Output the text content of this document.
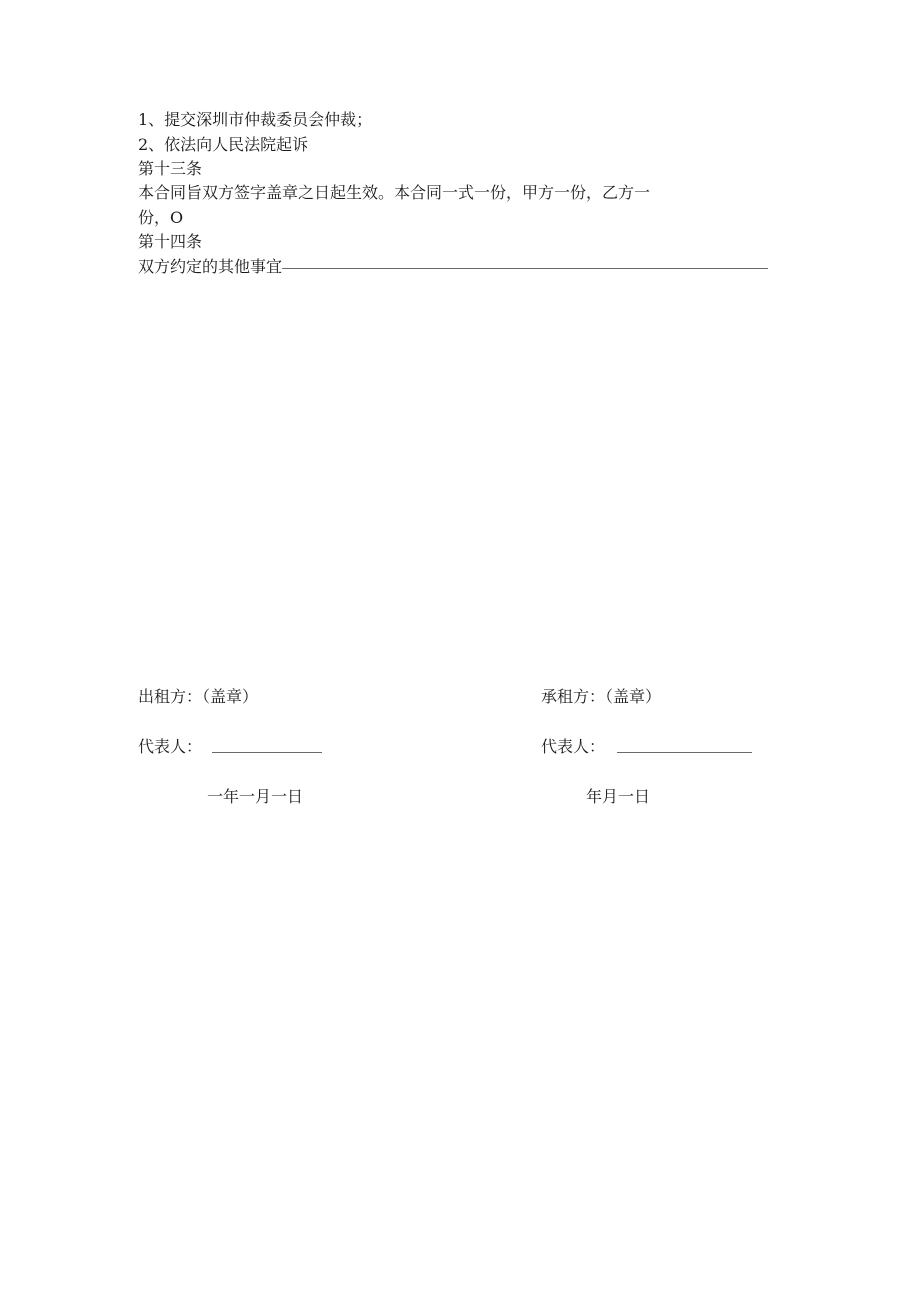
1、提交深圳市仲裁委员会仲裁；
2、依法向人民法院起诉
第十三条
本合同旨双方签字盖章之日起生效。本合同一式一份，甲方一份，乙方一
份，O
第十四条
双方约定的其他事宜
出租方：（盖章）
代表人：
一年一月一日
承租方：（盖章）
代表人：
年月一日
